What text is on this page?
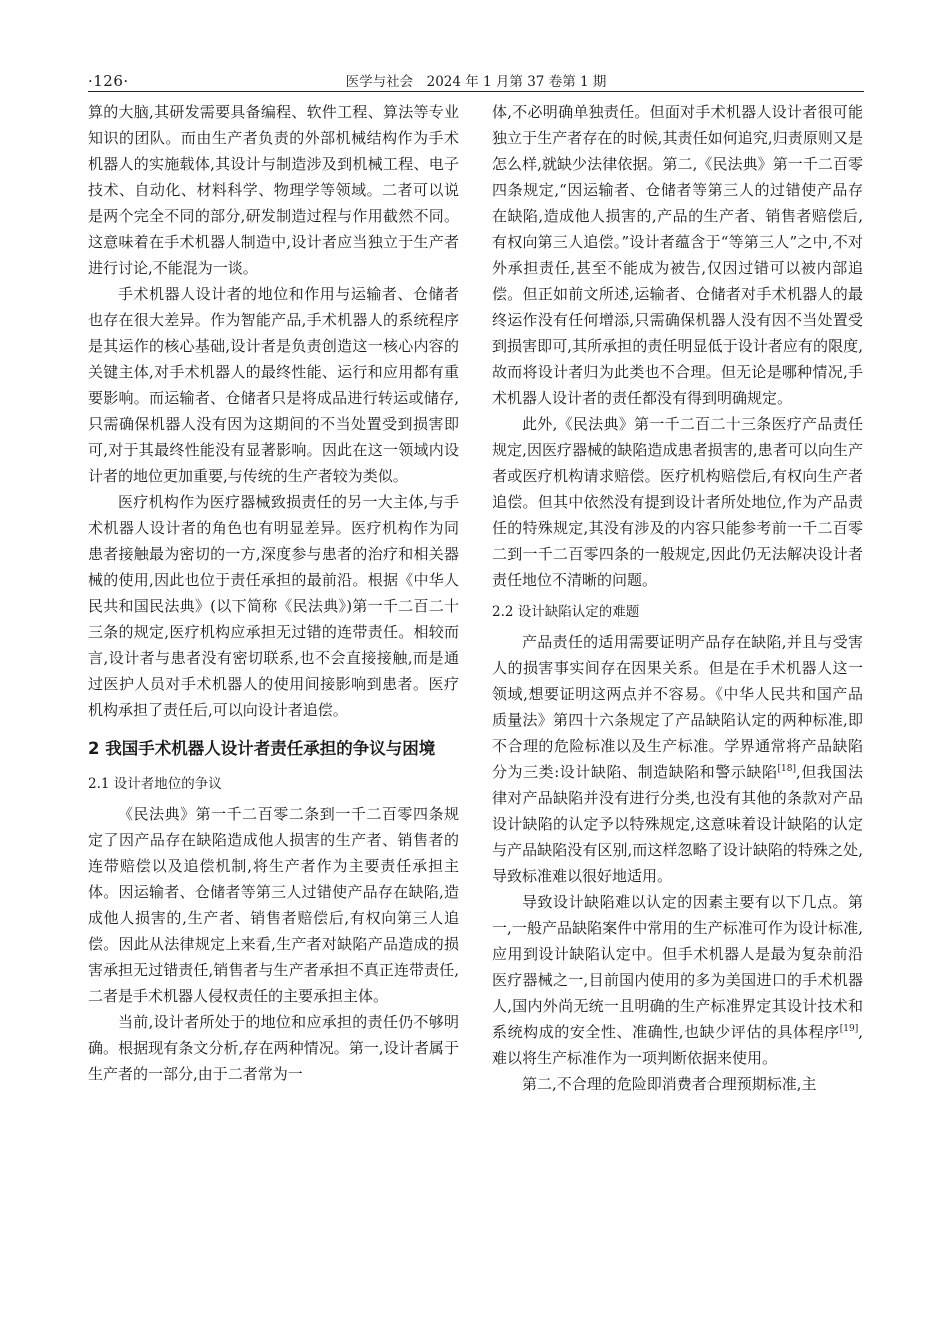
·126·	医学与社会　2024 年 1 月第 37 卷第 1 期

算的大脑,其研发需要具备编程、软件工程、算法等专业知识的团队。而由生产者负责的外部机械结构作为手术机器人的实施载体,其设计与制造涉及到机械工程、电子技术、自动化、材料科学、物理学等领域。二者可以说是两个完全不同的部分,研发制造过程与作用截然不同。这意味着在手术机器人制造中,设计者应当独立于生产者进行讨论,不能混为一谈。

手术机器人设计者的地位和作用与运输者、仓储者也存在很大差异。作为智能产品,手术机器人的系统程序是其运作的核心基础,设计者是负责创造这一核心内容的关键主体,对手术机器人的最终性能、运行和应用都有重要影响。而运输者、仓储者只是将成品进行转运或储存,只需确保机器人没有因为这期间的不当处置受到损害即可,对于其最终性能没有显著影响。因此在这一领域内设计者的地位更加重要,与传统的生产者较为类似。

医疗机构作为医疗器械致损责任的另一大主体,与手术机器人设计者的角色也有明显差异。医疗机构作为同患者接触最为密切的一方,深度参与患者的治疗和相关器械的使用,因此也位于责任承担的最前沿。根据《中华人民共和国民法典》(以下简称《民法典》)第一千二百二十三条的规定,医疗机构应承担无过错的连带责任。相较而言,设计者与患者没有密切联系,也不会直接接触,而是通过医护人员对手术机器人的使用间接影响到患者。医疗机构承担了责任后,可以向设计者追偿。

2 我国手术机器人设计者责任承担的争议与困境
2.1 设计者地位的争议

《民法典》第一千二百零二条到一千二百零四条规定了因产品存在缺陷造成他人损害的生产者、销售者的连带赔偿以及追偿机制,将生产者作为主要责任承担主体。因运输者、仓储者等第三人过错使产品存在缺陷,造成他人损害的,生产者、销售者赔偿后,有权向第三人追偿。因此从法律规定上来看,生产者对缺陷产品造成的损害承担无过错责任,销售者与生产者承担不真正连带责任,二者是手术机器人侵权责任的主要承担主体。

当前,设计者所处于的地位和应承担的责任仍不够明确。根据现有条文分析,存在两种情况。第一,设计者属于生产者的一部分,由于二者常为一

体,不必明确单独责任。但面对手术机器人设计者很可能独立于生产者存在的时候,其责任如何追究,归责原则又是怎么样,就缺少法律依据。第二,《民法典》第一千二百零四条规定,“因运输者、仓储者等第三人的过错使产品存在缺陷,造成他人损害的,产品的生产者、销售者赔偿后,有权向第三人追偿。”设计者蕴含于“等第三人”之中,不对外承担责任,甚至不能成为被告,仅因过错可以被内部追偿。但正如前文所述,运输者、仓储者对手术机器人的最终运作没有任何增添,只需确保机器人没有因不当处置受到损害即可,其所承担的责任明显低于设计者应有的限度,故而将设计者归为此类也不合理。但无论是哪种情况,手术机器人设计者的责任都没有得到明确规定。

此外,《民法典》第一千二百二十三条医疗产品责任规定,因医疗器械的缺陷造成患者损害的,患者可以向生产者或医疗机构请求赔偿。医疗机构赔偿后,有权向生产者追偿。但其中依然没有提到设计者所处地位,作为产品责任的特殊规定,其没有涉及的内容只能参考前一千二百零二到一千二百零四条的一般规定,因此仍无法解决设计者责任地位不清晰的问题。

2.2 设计缺陷认定的难题

产品责任的适用需要证明产品存在缺陷,并且与受害人的损害事实间存在因果关系。但是在手术机器人这一领域,想要证明这两点并不容易。《中华人民共和国产品质量法》第四十六条规定了产品缺陷认定的两种标准,即不合理的危险标准以及生产标准。学界通常将产品缺陷分为三类:设计缺陷、制造缺陷和警示缺陷[18],但我国法律对产品缺陷并没有进行分类,也没有其他的条款对产品设计缺陷的认定予以特殊规定,这意味着设计缺陷的认定与产品缺陷没有区别,而这样忽略了设计缺陷的特殊之处,导致标准难以很好地适用。

导致设计缺陷难以认定的因素主要有以下几点。第一,一般产品缺陷案件中常用的生产标准可作为设计标准,应用到设计缺陷认定中。但手术机器人是最为复杂前沿医疗器械之一,目前国内使用的多为美国进口的手术机器人,国内外尚无统一且明确的生产标准界定其设计技术和系统构成的安全性、准确性,也缺少评估的具体程序[19],难以将生产标准作为一项判断依据来使用。

第二,不合理的危险即消费者合理预期标准,主
